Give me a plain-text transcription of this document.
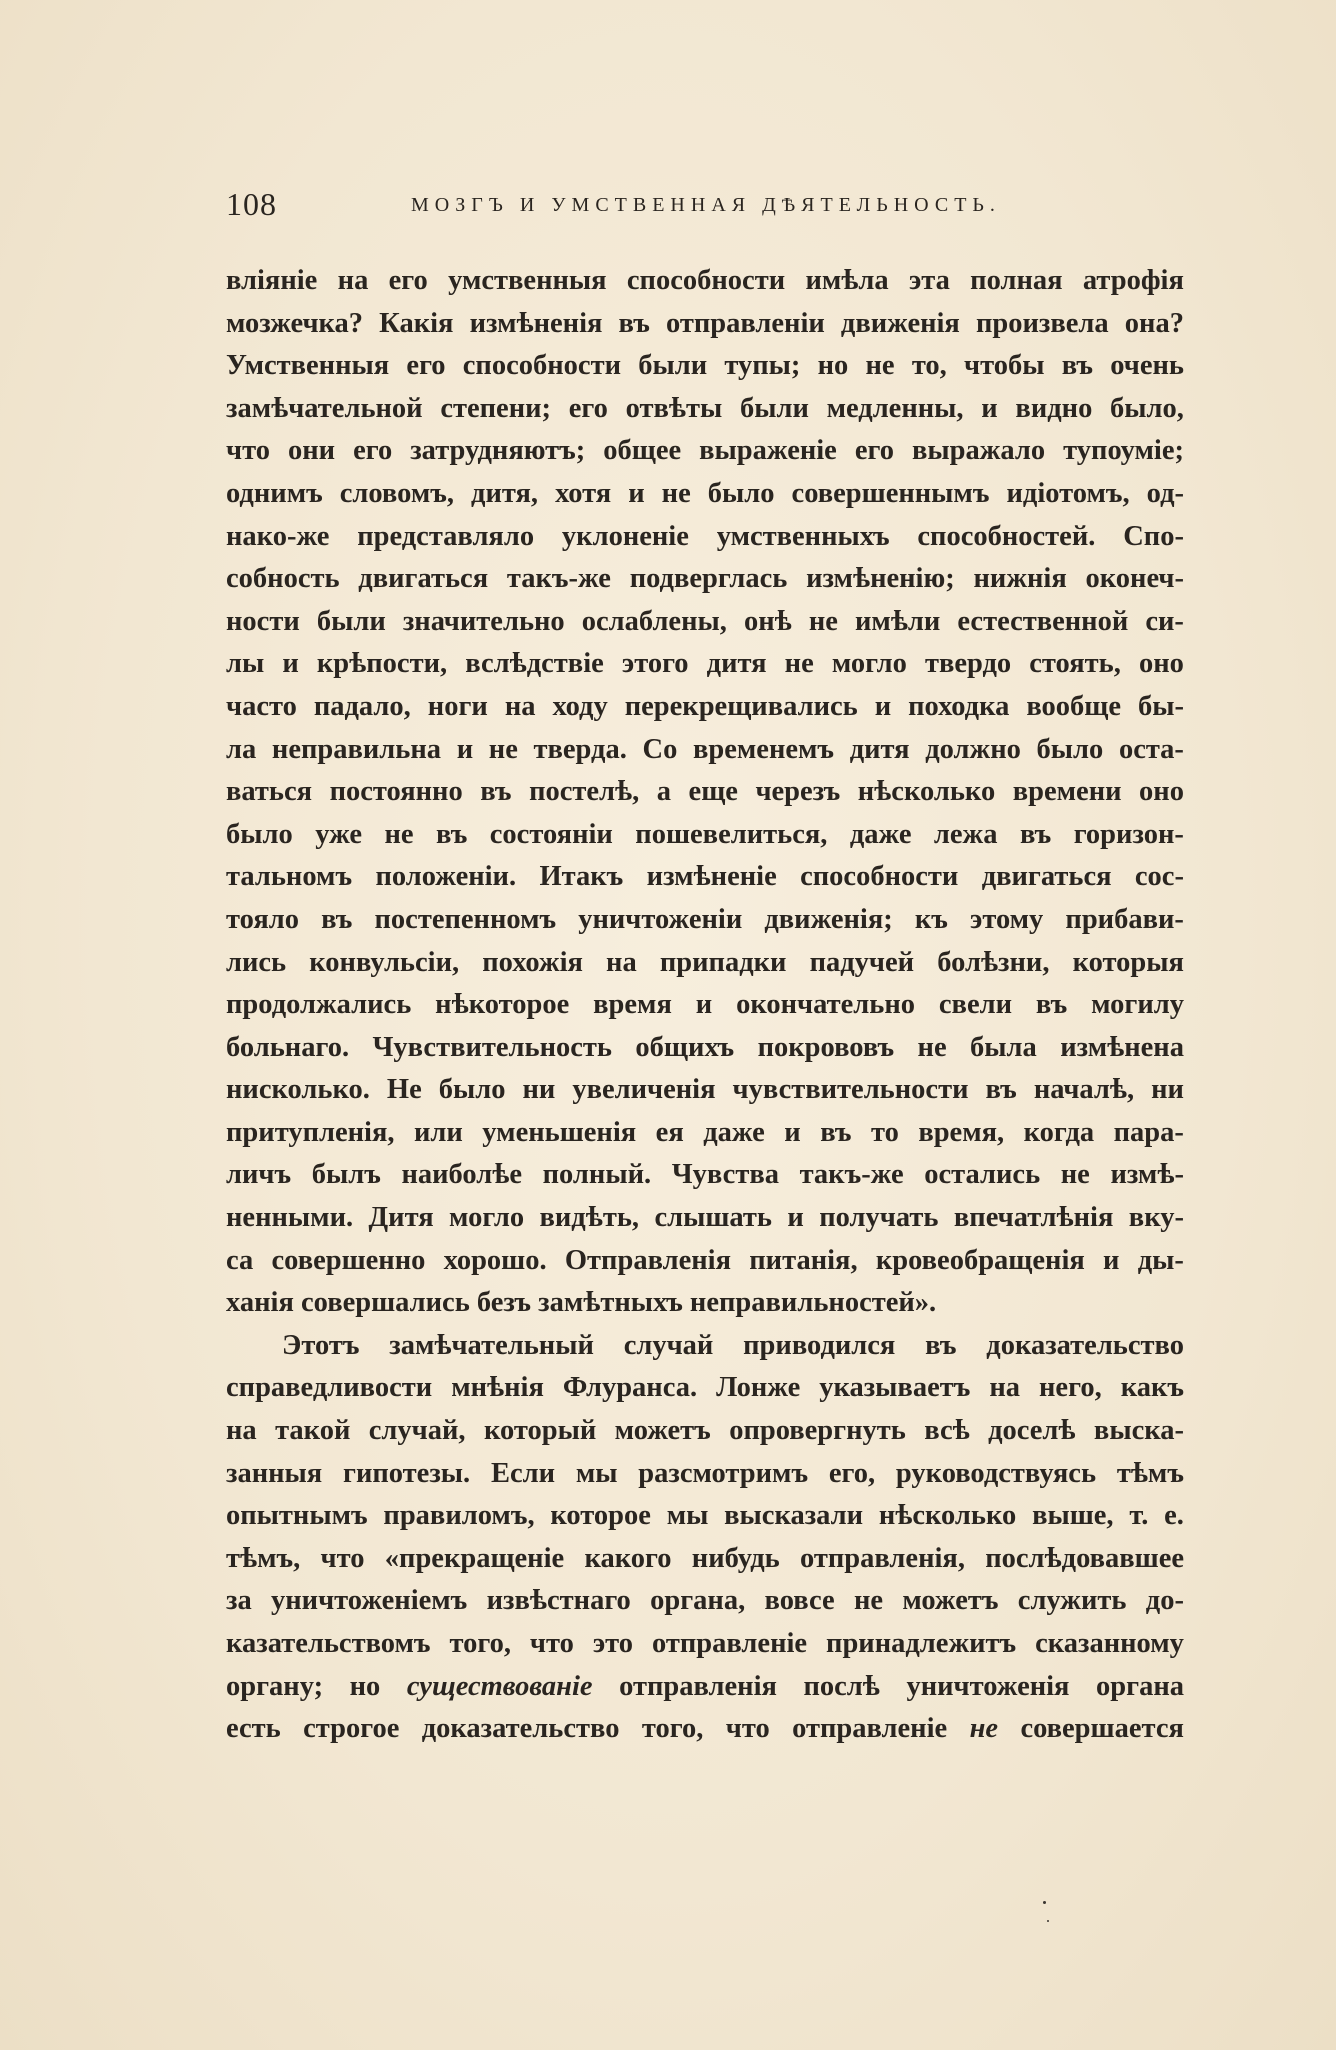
108	МОЗГЪ И УМСТВЕННАЯ ДѢЯТЕЛЬНОСТЬ.
вліяніе на его умственныя способности имѣла эта полная атрофія
мозжечка? Какія измѣненія въ отправленіи движенія произвела она?
Умственныя его способности были тупы; но не то, чтобы въ очень
замѣчательной степени; его отвѣты были медленны, и видно было,
что они его затрудняютъ; общее выраженіе его выражало тупоуміе;
однимъ словомъ, дитя, хотя и не было совершеннымъ идіотомъ, од-
нако-же представляло уклоненіе умственныхъ способностей. Спо-
собность двигаться такъ-же подверглась измѣненію; нижнія оконеч-
ности были значительно ослаблены, онѣ не имѣли естественной си-
лы и крѣпости, вслѣдствіе этого дитя не могло твердо стоять, оно
часто падало, ноги на ходу перекрещивались и походка вообще бы-
ла неправильна и не тверда. Со временемъ дитя должно было оста-
ваться постоянно въ постелѣ, а еще черезъ нѣсколько времени оно
было уже не въ состояніи пошевелиться, даже лежа въ горизон-
тальномъ положеніи. Итакъ измѣненіе способности двигаться сос-
тояло въ постепенномъ уничтоженіи движенія; къ этому прибави-
лись конвульсіи, похожія на припадки падучей болѣзни, которыя
продолжались нѣкоторое время и окончательно свели въ могилу
больнаго. Чувствительность общихъ покрововъ не была измѣнена
нисколько. Не было ни увеличенія чувствительности въ началѣ, ни
притупленія, или уменьшенія ея даже и въ то время, когда пара-
личъ былъ наиболѣе полный. Чувства такъ-же остались не измѣ-
ненными. Дитя могло видѣть, слышать и получать впечатлѣнія вку-
са совершенно хорошо. Отправленія питанія, кровеобращенія и ды-
ханія совершались безъ замѣтныхъ неправильностей».
Этотъ замѣчательный случай приводился въ доказательство
справедливости мнѣнія Флуранса. Лонже указываетъ на него, какъ
на такой случай, который можетъ опровергнуть всѣ доселѣ выска-
занныя гипотезы. Если мы разсмотримъ его, руководствуясь тѣмъ
опытнымъ правиломъ, которое мы высказали нѣсколько выше, т. е.
тѣмъ, что «прекращеніе какого нибудь отправленія, послѣдовавшее
за уничтоженіемъ извѣстнаго органа, вовсе не можетъ служить до-
казательствомъ того, что это отправленіе принадлежитъ сказанному
органу; но существованіе отправленія послѣ уничтоженія органа
есть строгое доказательство того, что отправленіе не совершается
